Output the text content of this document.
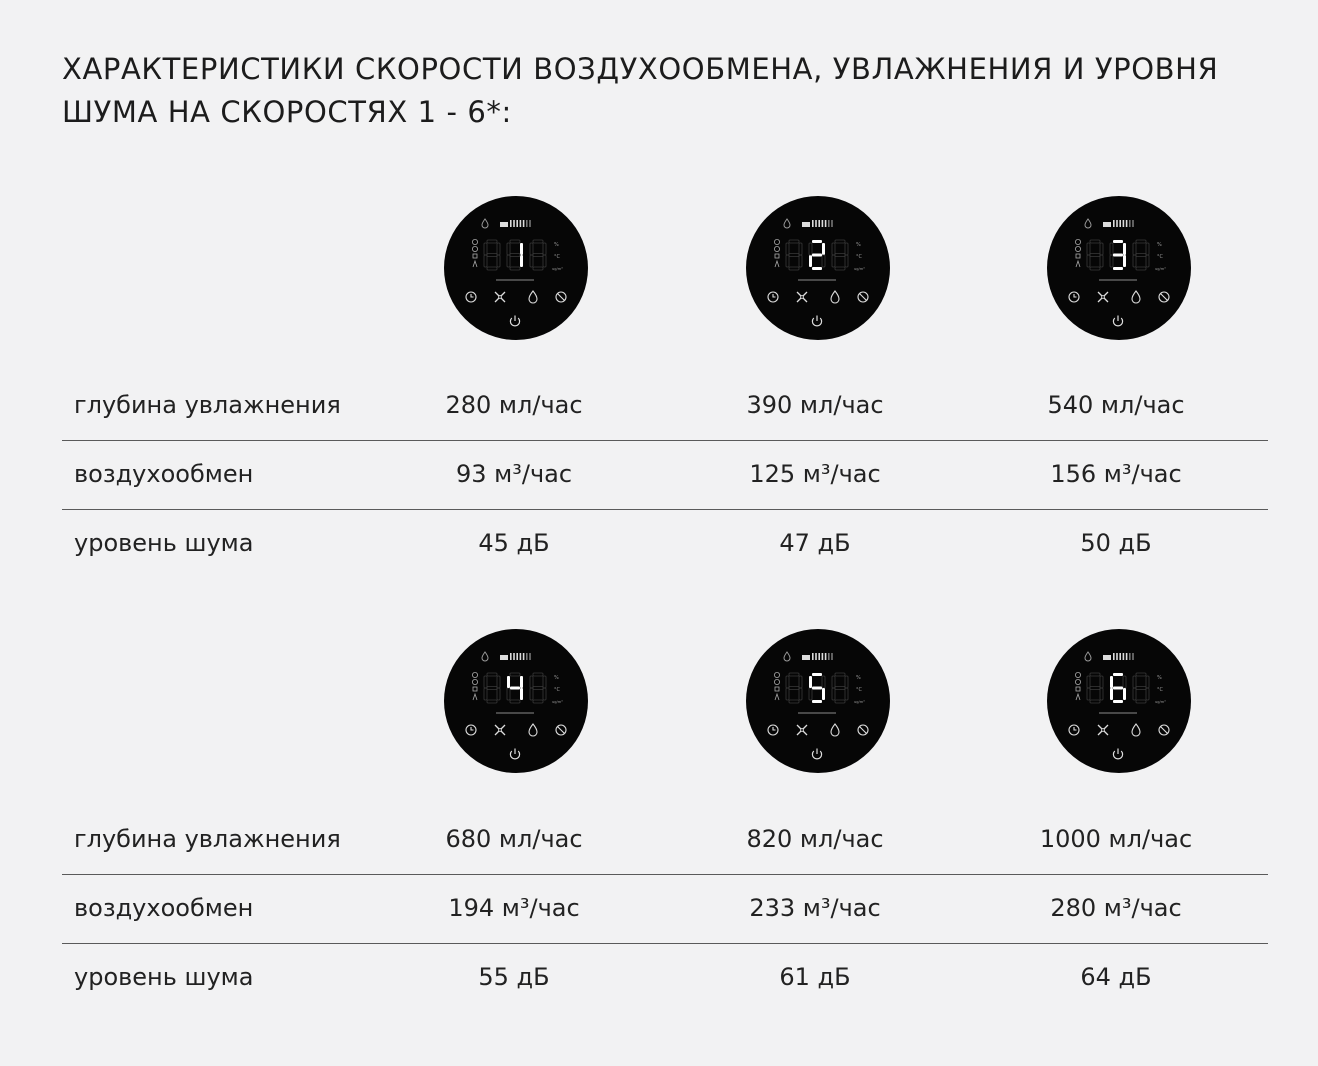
ХАРАКТЕРИСТИКИ СКОРОСТИ ВОЗДУХООБМЕНА, УВЛАЖНЕНИЯ И УРОВНЯ ШУМА НА СКОРОСТЯХ 1 - 6*:
%
°C
ug/m³
%
°C
ug/m³
%
°C
ug/m³
глубина увлажнения	280 мл/час	390 мл/час	540 мл/час
воздухообмен	93 м³/час	125 м³/час	156 м³/час
уровень шума	45 дБ	47 дБ	50 дБ
%
°C
ug/m³
%
°C
ug/m³
%
°C
ug/m³
глубина увлажнения	680 мл/час	820 мл/час	1000 мл/час
воздухообмен	194 м³/час	233 м³/час	280 м³/час
уровень шума	55 дБ	61 дБ	64 дБ
